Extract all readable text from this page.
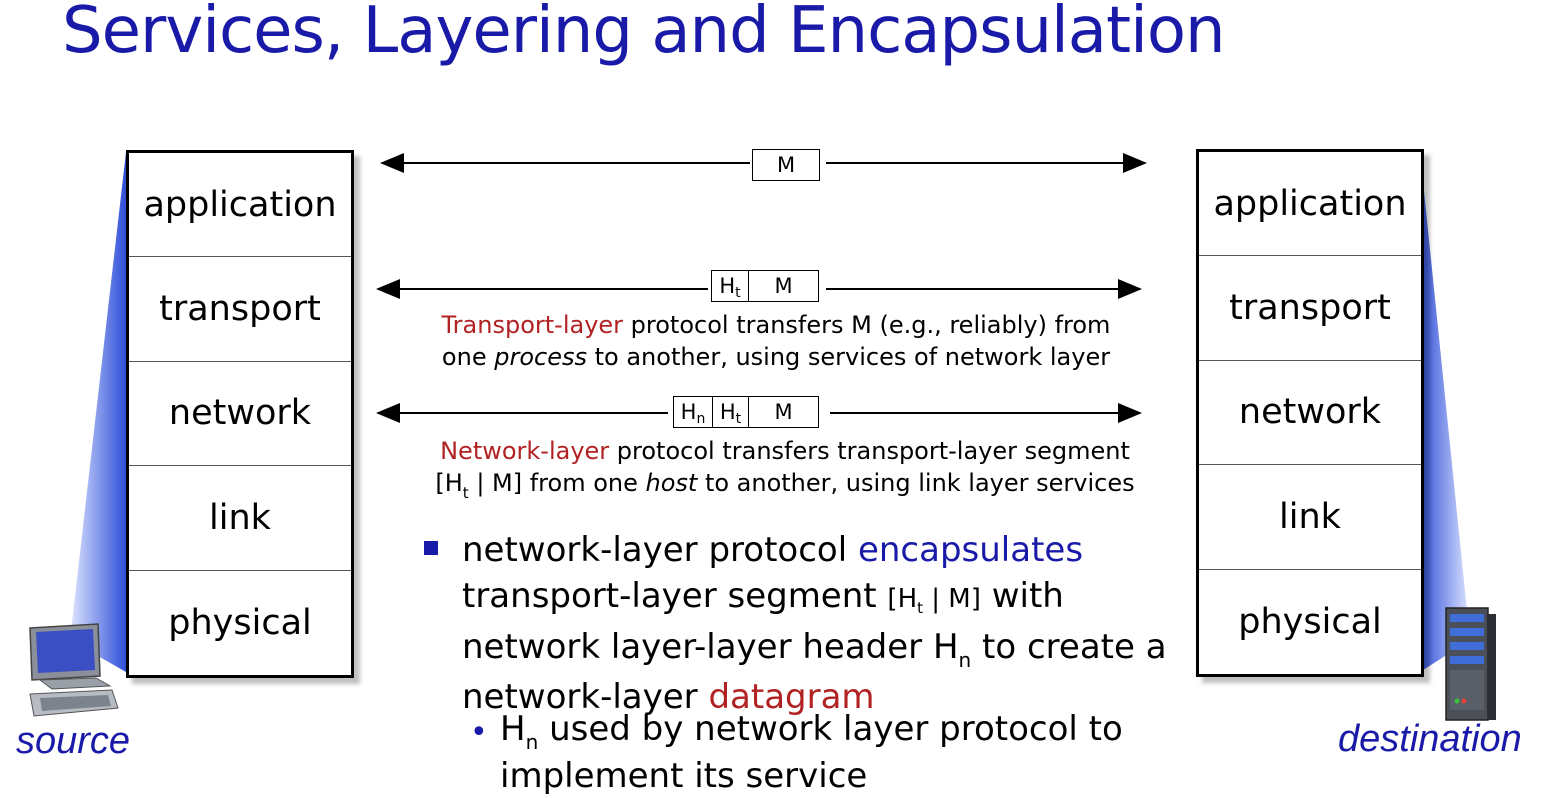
Services, Layering and Encapsulation
application
transport
network
link
physical
application
transport
network
link
physical
M
H t	M
H n H t	M
Transport-layer protocol transfers M (e.g., reliably) from
one process to another, using services of network layer
Network-layer protocol transfers transport-layer segment
[$H_t$ | M] from one host to another, using link layer services
network-layer protocol encapsulates
transport-layer segment [$H_t$ | M] with
network layer-layer header $H_n$ to create a
network-layer datagram
• $H_n$ used by network layer protocol to
implement its service
source	destination
